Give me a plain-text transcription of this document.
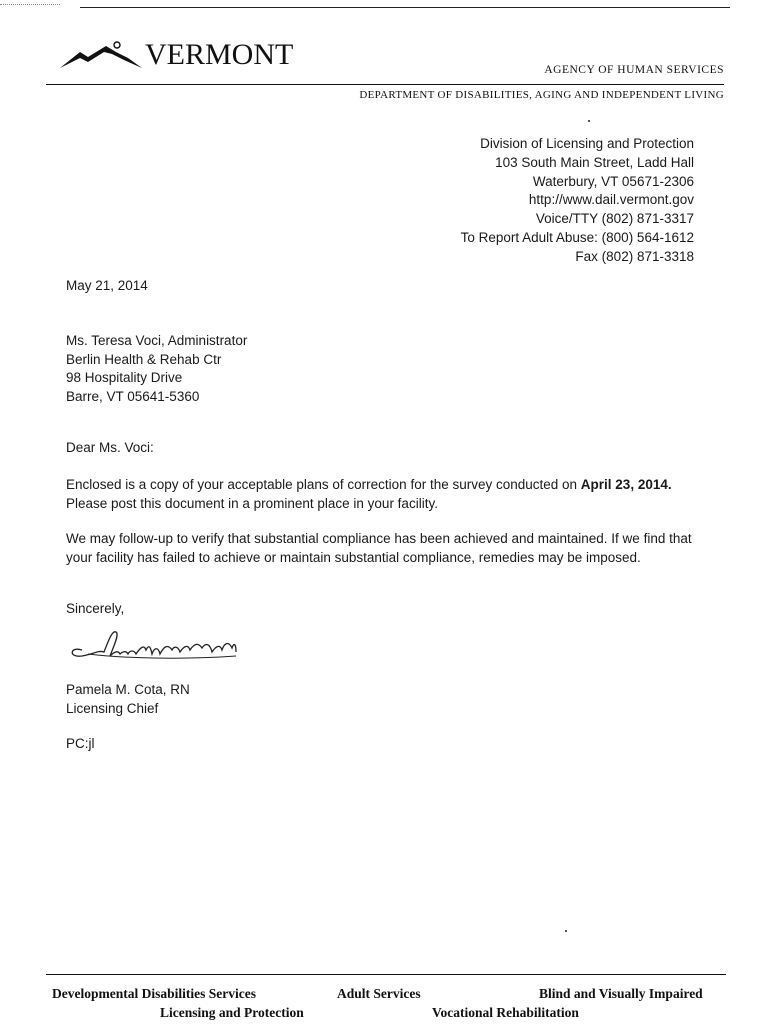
VERMONT	AGENCY OF HUMAN SERVICES
DEPARTMENT OF DISABILITIES, AGING AND INDEPENDENT LIVING
Division of Licensing and Protection
103 South Main Street, Ladd Hall
Waterbury, VT 05671-2306
http://www.dail.vermont.gov
Voice/TTY (802) 871-3317
To Report Adult Abuse: (800) 564-1612
Fax (802) 871-3318
May 21, 2014
Ms. Teresa Voci, Administrator
Berlin Health & Rehab Ctr
98 Hospitality Drive
Barre, VT 05641-5360
Dear Ms. Voci:
Enclosed is a copy of your acceptable plans of correction for the survey conducted on April 23, 2014. Please post this document in a prominent place in your facility.
We may follow-up to verify that substantial compliance has been achieved and maintained. If we find that your facility has failed to achieve or maintain substantial compliance, remedies may be imposed.
Sincerely,
Pamela M. Cota, RN
Licensing Chief
PC:jl
Developmental Disabilities Services	Adult Services	Blind and Visually Impaired
Licensing and Protection	Vocational Rehabilitation
